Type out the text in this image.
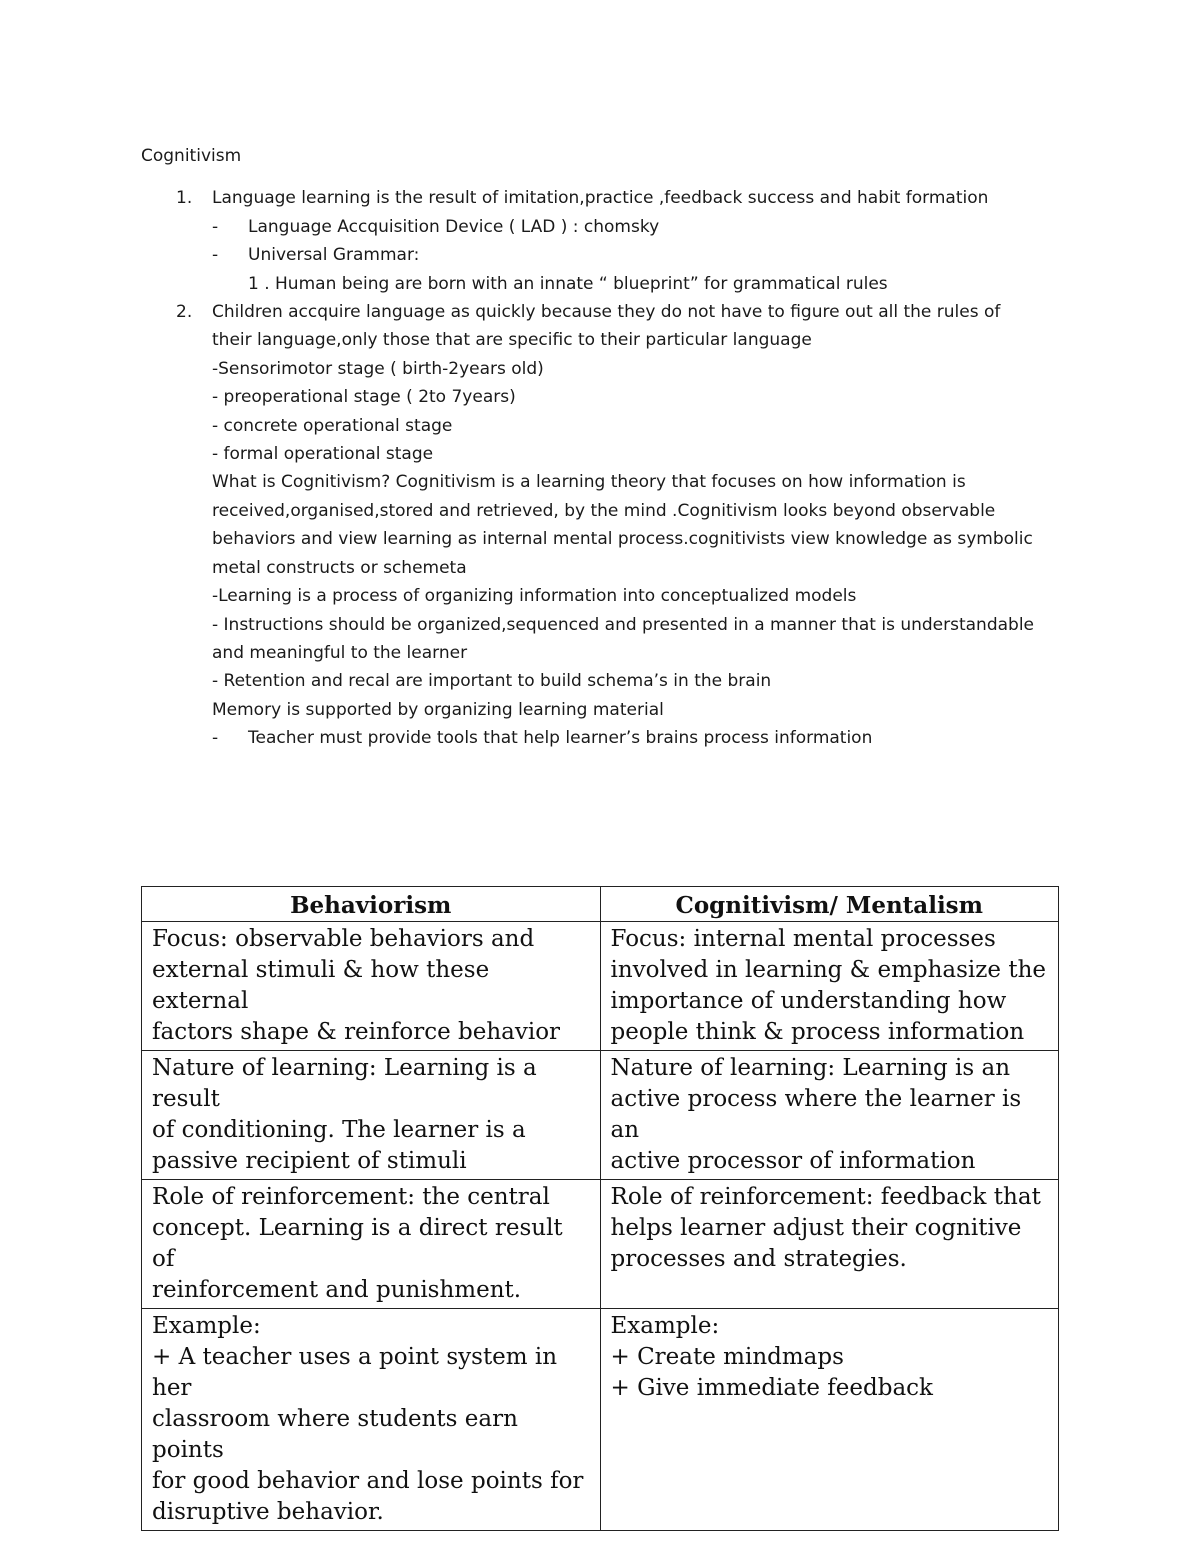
Cognitivism
1.	Language learning is the result of imitation,practice ,feedback success and habit formation
-	Language Accquisition Device ( LAD ) : chomsky
-	Universal Grammar:
1 . Human being are born with an innate “ blueprint” for grammatical rules
2.	Children accquire language as quickly because they do not have to figure out all the rules of
their language,only those that are specific to their particular language
-Sensorimotor stage ( birth-2years old)
- preoperational stage ( 2to 7years)
- concrete operational stage
- formal operational stage
What is Cognitivism? Cognitivism is a learning theory that focuses on how information is
received,organised,stored and retrieved, by the mind .Cognitivism looks beyond observable
behaviors and view learning as internal mental process.cognitivists view knowledge as symbolic
metal constructs or schemeta
-Learning is a process of organizing information into conceptualized models
- Instructions should be organized,sequenced and presented in a manner that is understandable
and meaningful to the learner
- Retention and recal are important to build schema’s in the brain
Memory is supported by organizing learning material
-	Teacher must provide tools that help learner’s brains process information
Behaviorism	Cognitivism/ Mentalism

Focus: observable behaviors and
external stimuli & how these external
factors shape & reinforce behavior	Focus: internal mental processes
involved in learning & emphasize the
importance of understanding how
people think & process information

Nature of learning: Learning is a result
of conditioning. The learner is a
passive recipient of stimuli	Nature of learning: Learning is an
active process where the learner is an
active processor of information

Role of reinforcement: the central
concept. Learning is a direct result of
reinforcement and punishment.	Role of reinforcement: feedback that
helps learner adjust their cognitive
processes and strategies.

Example:
+ A teacher uses a point system in her
classroom where students earn points
for good behavior and lose points for
disruptive behavior.	Example:
+ Create mindmaps
+ Give immediate feedback
